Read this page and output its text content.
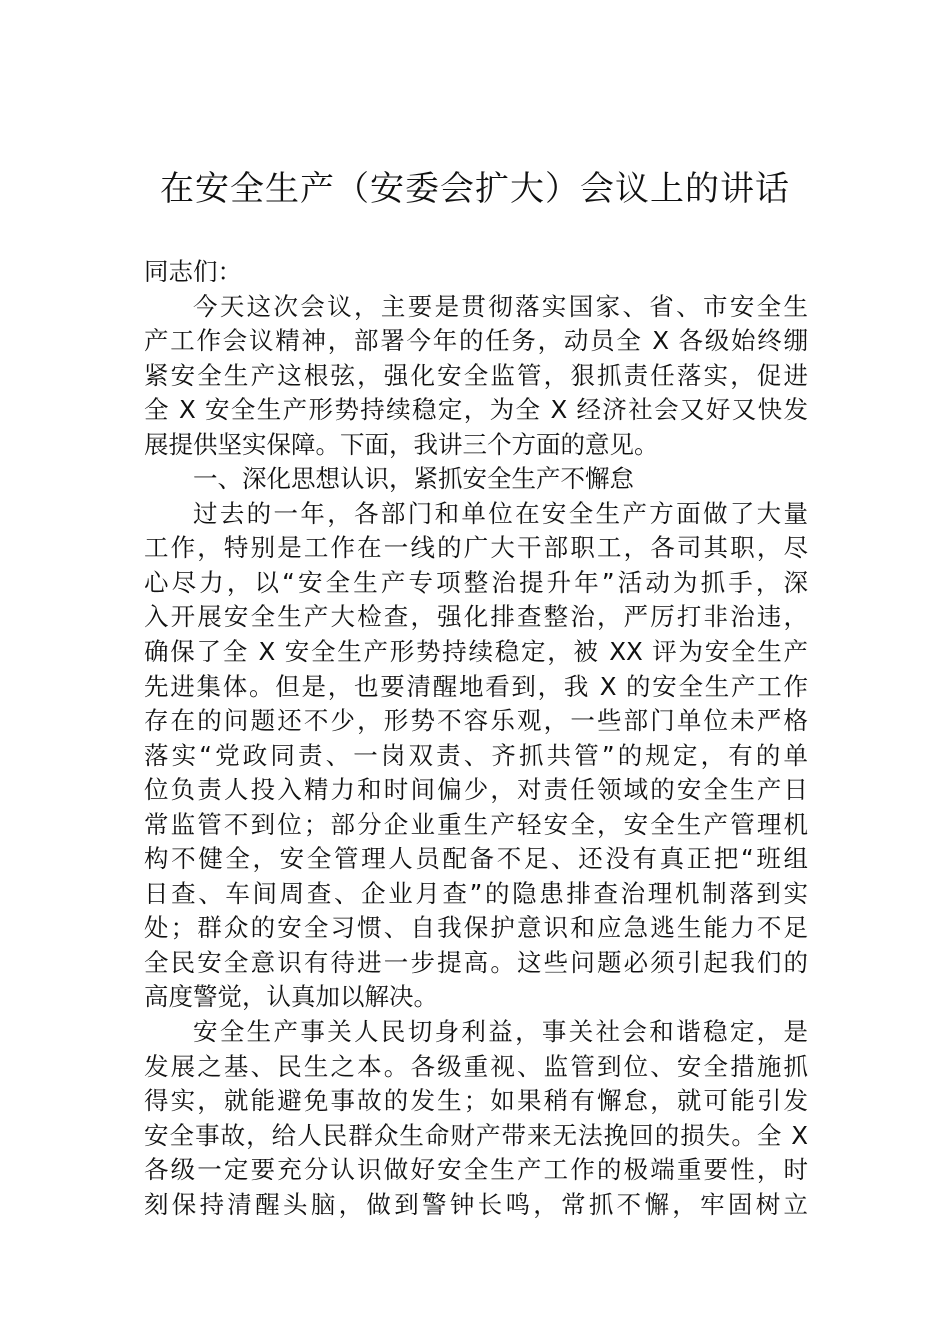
在安全生产（安委会扩大）会议上的讲话
同志们：
今天这次会议，主要是贯彻落实国家、省、市安全生
产工作会议精神，部署今年的任务，动员全 X 各级始终绷
紧安全生产这根弦，强化安全监管，狠抓责任落实，促进
全 X 安全生产形势持续稳定，为全 X 经济社会又好又快发
展提供坚实保障。下面，我讲三个方面的意见。
一、深化思想认识，紧抓安全生产不懈怠
过去的一年，各部门和单位在安全生产方面做了大量
工作，特别是工作在一线的广大干部职工，各司其职，尽
心尽力，以“安全生产专项整治提升年”活动为抓手，深
入开展安全生产大检查，强化排查整治，严厉打非治违，
确保了全 X 安全生产形势持续稳定，被 XX 评为安全生产
先进集体。但是，也要清醒地看到，我 X 的安全生产工作
存在的问题还不少，形势不容乐观，一些部门单位未严格
落实“党政同责、一岗双责、齐抓共管”的规定，有的单
位负责人投入精力和时间偏少，对责任领域的安全生产日
常监管不到位；部分企业重生产轻安全，安全生产管理机
构不健全，安全管理人员配备不足、还没有真正把“班组
日查、车间周查、企业月查”的隐患排查治理机制落到实
处；群众的安全习惯、自我保护意识和应急逃生能力不足
全民安全意识有待进一步提高。这些问题必须引起我们的
高度警觉，认真加以解决。
安全生产事关人民切身利益，事关社会和谐稳定，是
发展之基、民生之本。各级重视、监管到位、安全措施抓
得实，就能避免事故的发生；如果稍有懈怠，就可能引发
安全事故，给人民群众生命财产带来无法挽回的损失。全 X
各级一定要充分认识做好安全生产工作的极端重要性，时
刻保持清醒头脑，做到警钟长鸣，常抓不懈，牢固树立
